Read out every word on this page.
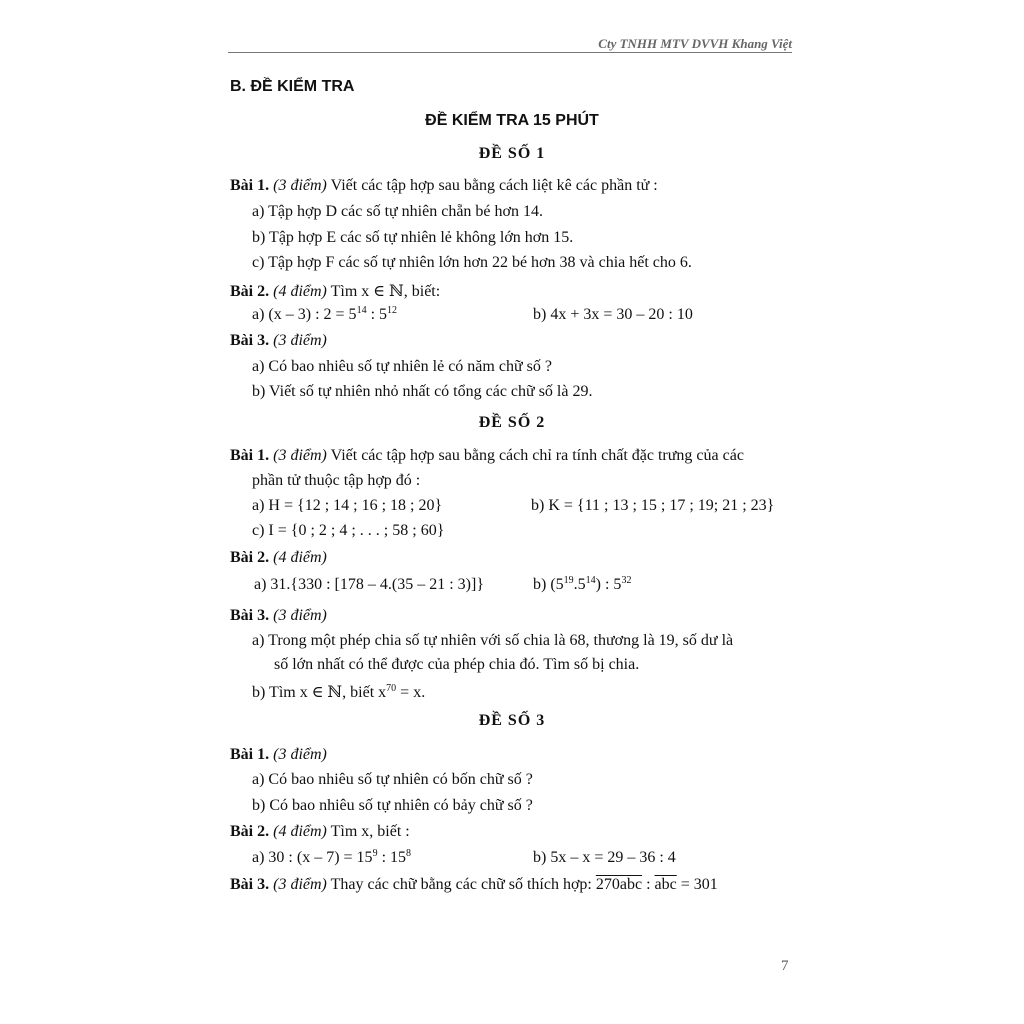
Cty TNHH MTV DVVH Khang Việt
B. ĐỀ KIỂM TRA
ĐỀ KIỂM TRA 15 PHÚT
ĐỀ SỐ 1
Bài 1. (3 điểm) Viết các tập hợp sau bằng cách liệt kê các phần tử :
a) Tập hợp D các số tự nhiên chẵn bé hơn 14.
b) Tập hợp E các số tự nhiên lẻ không lớn hơn 15.
c) Tập hợp F các số tự nhiên lớn hơn 22 bé hơn 38 và chia hết cho 6.
Bài 2. (4 điểm) Tìm x ∈ ℕ, biết:
a) (x – 3) : $2 = 5^{14}$ : $5^{12}$	b) 4x + 3x = 30 – 20 : 10
Bài 3. (3 điểm)
a) Có bao nhiêu số tự nhiên lẻ có năm chữ số ?
b) Viết số tự nhiên nhỏ nhất có tổng các chữ số là 29.
ĐỀ SỐ 2
Bài 1. (3 điểm) Viết các tập hợp sau bằng cách chỉ ra tính chất đặc trưng của các
phần tử thuộc tập hợp đó :
a) H = {12 ; 14 ; 16 ; 18 ; 20}	b) K = {11 ; 13 ; 15 ; 17 ; 19; 21 ; 23}
c) I = {0 ; 2 ; 4 ; . . . ; 58 ; 60}
Bài 2. (4 điểm)
a) 31.{330 : [178 – 4.(35 – 21 : 3)]}	b) $(5^{19}.5^{14})$ : $5^{32}$
Bài 3. (3 điểm)
a) Trong một phép chia số tự nhiên với số chia là 68, thương là 19, số dư là
số lớn nhất có thể được của phép chia đó. Tìm số bị chia.
b) Tìm x ∈ ℕ, biết $x^{70} = x$.
ĐỀ SỐ 3
Bài 1. (3 điểm)
a) Có bao nhiêu số tự nhiên có bốn chữ số ?
b) Có bao nhiêu số tự nhiên có bảy chữ số ?
Bài 2. (4 điểm) Tìm x, biết :
a) 30 : $(x - 7) = 15^9$ : $15^8$	b) 5x – x = 29 – 36 : 4
Bài 3. (3 điểm) Thay các chữ bằng các chữ số thích hợp: 270abc : $\overline{abc} = 301$
7
